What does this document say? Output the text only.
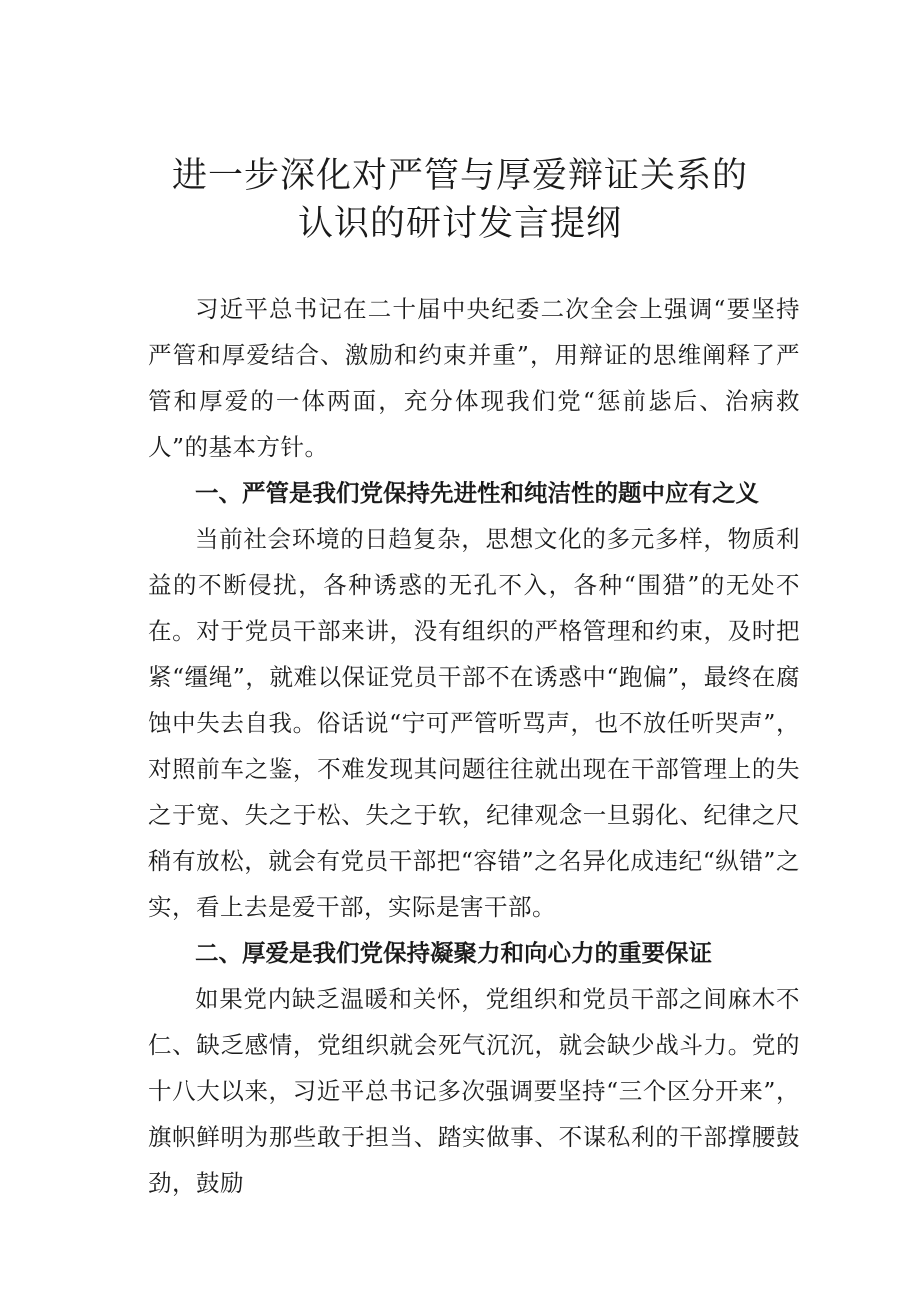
进一步深化对严管与厚爱辩证关系的
认识的研讨发言提纲

习近平总书记在二十届中央纪委二次全会上强调“要坚持严管和厚爱结合、激励和约束并重”，用辩证的思维阐释了严管和厚爱的一体两面，充分体现我们党“惩前毖后、治病救人”的基本方针。

一、严管是我们党保持先进性和纯洁性的题中应有之义

当前社会环境的日趋复杂，思想文化的多元多样，物质利益的不断侵扰，各种诱惑的无孔不入，各种“围猎”的无处不在。对于党员干部来讲，没有组织的严格管理和约束，及时把紧“缰绳”，就难以保证党员干部不在诱惑中“跑偏”，最终在腐蚀中失去自我。俗话说“宁可严管听骂声，也不放任听哭声”，对照前车之鉴，不难发现其问题往往就出现在干部管理上的失之于宽、失之于松、失之于软，纪律观念一旦弱化、纪律之尺稍有放松，就会有党员干部把“容错”之名异化成违纪“纵错”之实，看上去是爱干部，实际是害干部。

二、厚爱是我们党保持凝聚力和向心力的重要保证

如果党内缺乏温暖和关怀，党组织和党员干部之间麻木不仁、缺乏感情，党组织就会死气沉沉，就会缺少战斗力。党的十八大以来，习近平总书记多次强调要坚持“三个区分开来”，旗帜鲜明为那些敢于担当、踏实做事、不谋私利的干部撑腰鼓劲，鼓励
